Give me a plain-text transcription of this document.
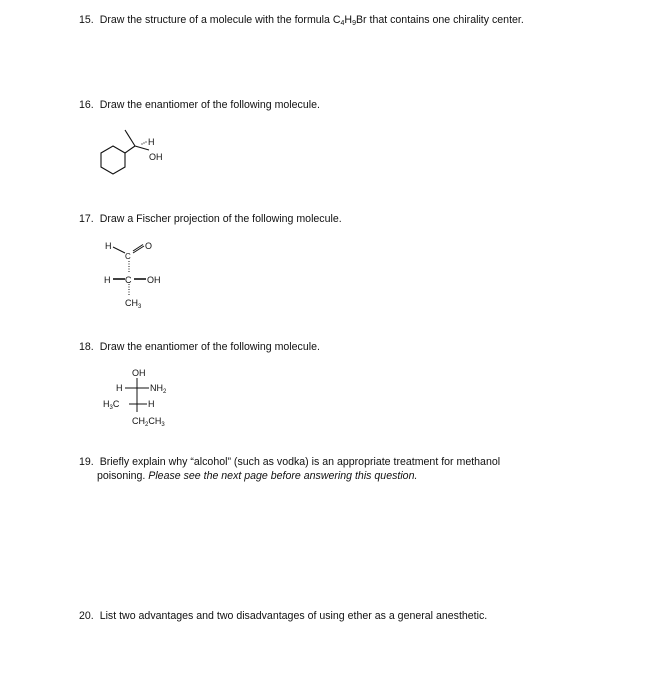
15. Draw the structure of a molecule with the formula $C_4H_9Br$ that contains one chirality center.
16. Draw the enantiomer of the following molecule.
H
OH
17. Draw a Fischer projection of the following molecule.
H
C
O
H C OH
$CH_3$
18. Draw the enantiomer of the following molecule.
OH
H	$NH_2$
$H_3C$	H
$CH_2CH_3$
19. Briefly explain why “alcohol” (such as vodka) is an appropriate treatment for methanol
poisoning. Please see the next page before answering this question.
20. List two advantages and two disadvantages of using ether as a general anesthetic.
